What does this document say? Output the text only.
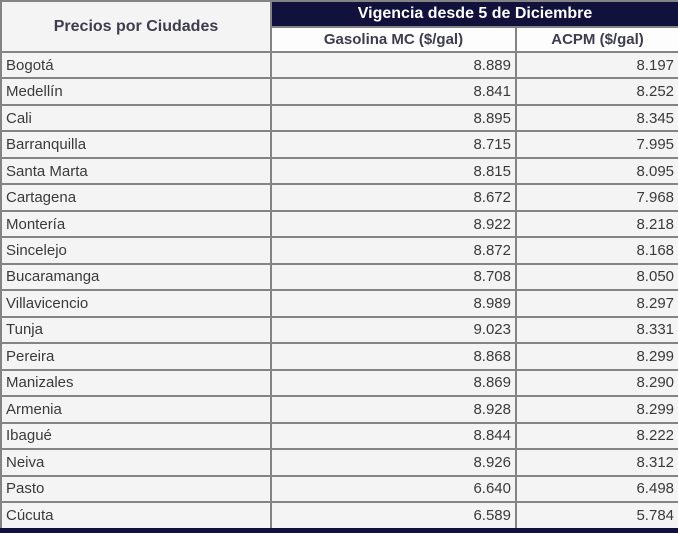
Precios por Ciudades	Vigencia desde 5 de Diciembre	
	Gasolina MC ($/gal)	ACPM ($/gal)
Bogotá	8.889	8.197
Medellín	8.841	8.252
Cali	8.895	8.345
Barranquilla	8.715	7.995
Santa Marta	8.815	8.095
Cartagena	8.672	7.968
Montería	8.922	8.218
Sincelejo	8.872	8.168
Bucaramanga	8.708	8.050
Villavicencio	8.989	8.297
Tunja	9.023	8.331
Pereira	8.868	8.299
Manizales	8.869	8.290
Armenia	8.928	8.299
Ibagué	8.844	8.222
Neiva	8.926	8.312
Pasto	6.640	6.498
Cúcuta	6.589	5.784
